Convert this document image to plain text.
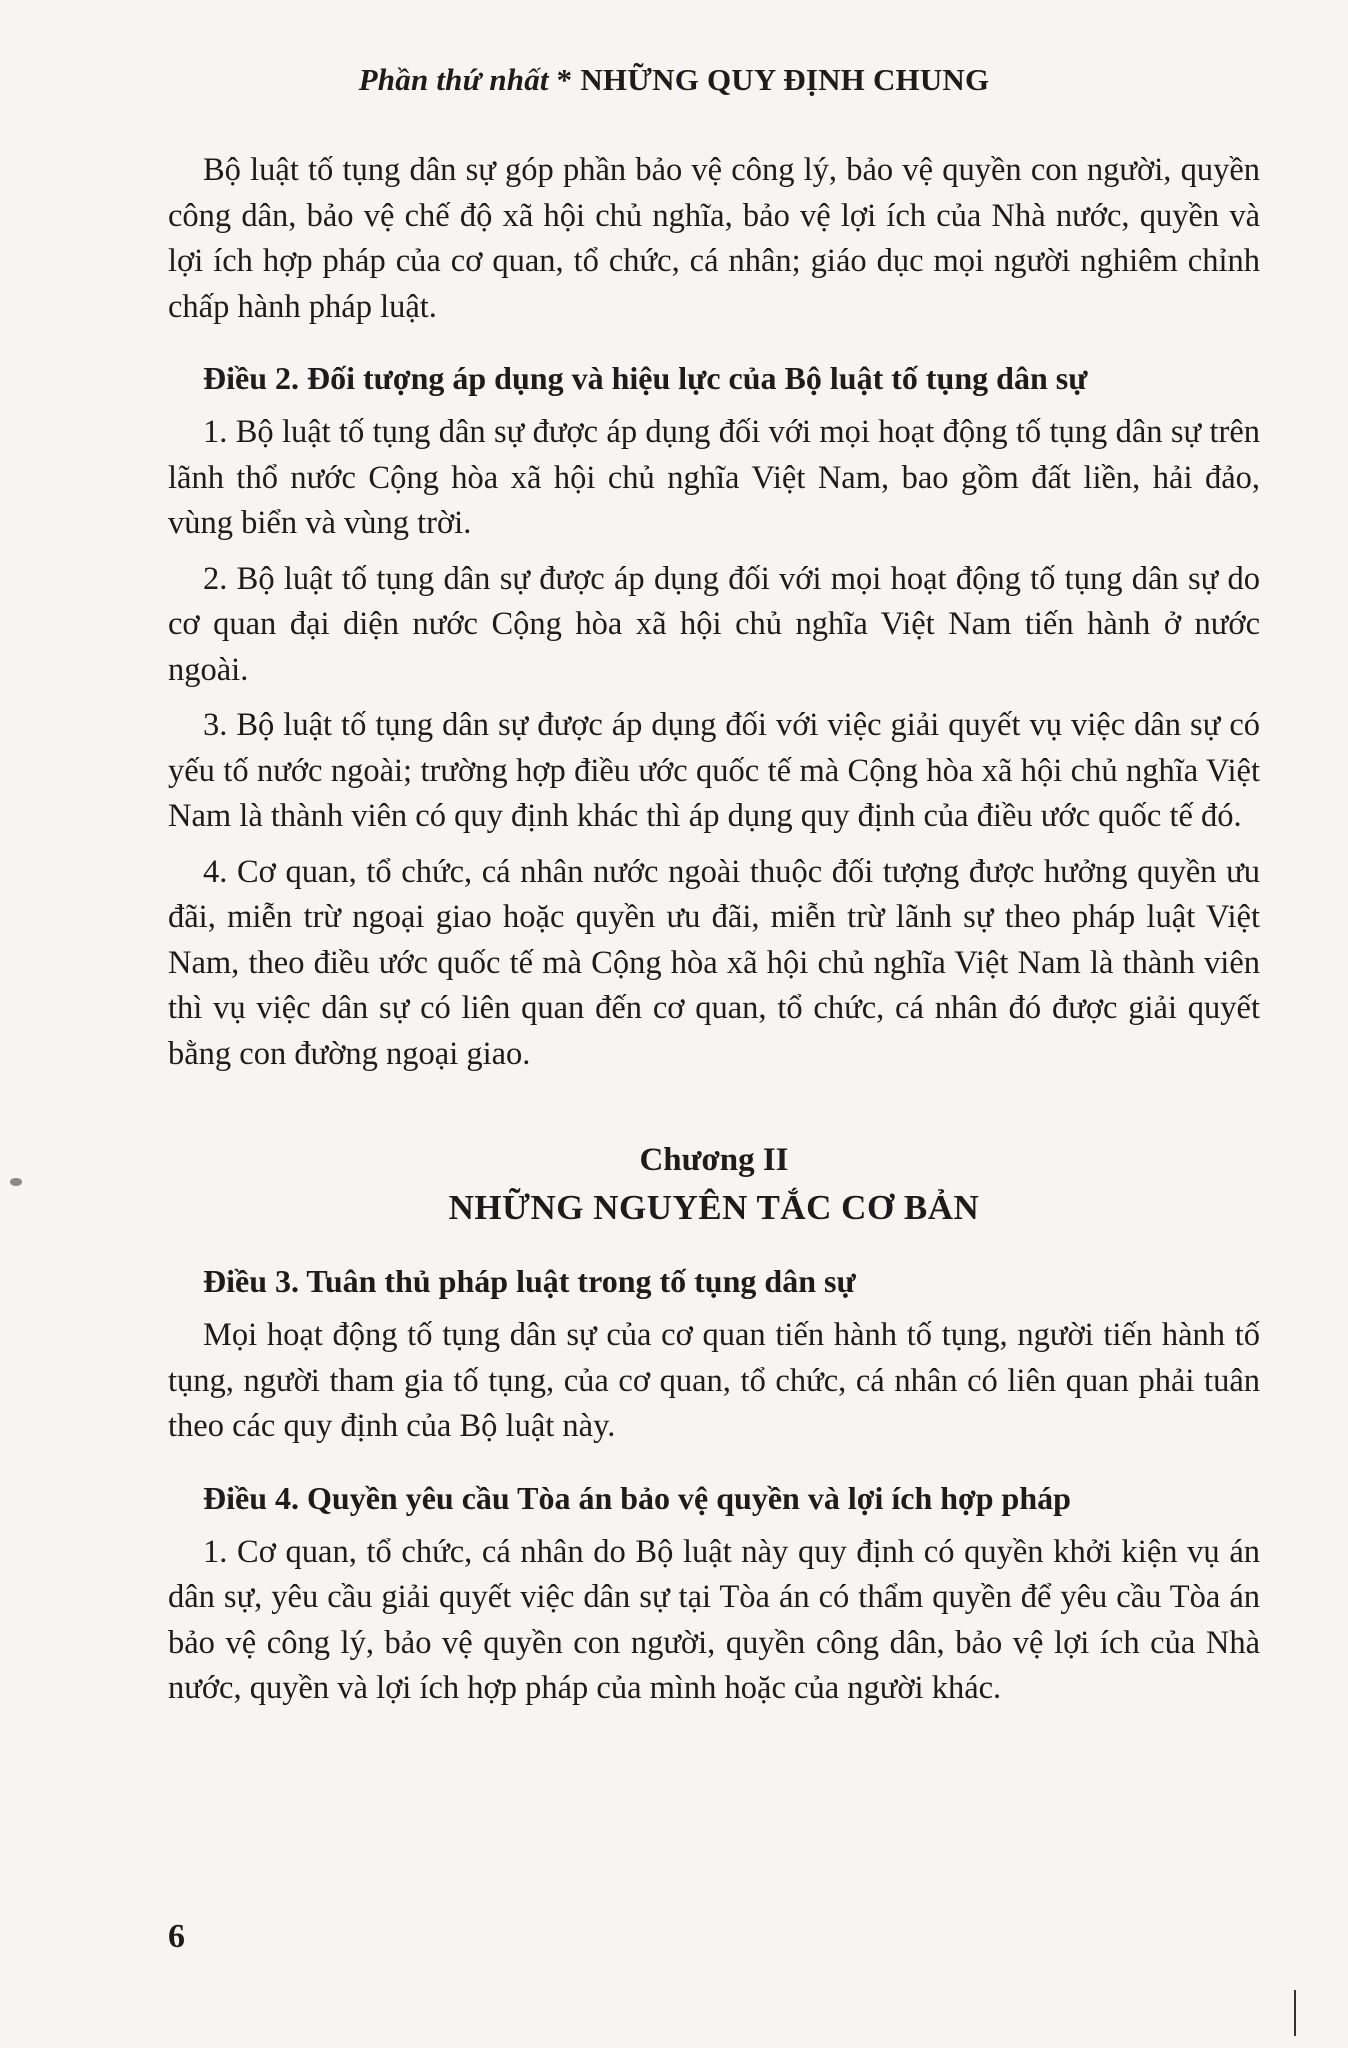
Phần thứ nhất * NHỮNG QUY ĐỊNH CHUNG

Bộ luật tố tụng dân sự góp phần bảo vệ công lý, bảo vệ quyền con người, quyền công dân, bảo vệ chế độ xã hội chủ nghĩa, bảo vệ lợi ích của Nhà nước, quyền và lợi ích hợp pháp của cơ quan, tổ chức, cá nhân; giáo dục mọi người nghiêm chỉnh chấp hành pháp luật.

Điều 2. Đối tượng áp dụng và hiệu lực của Bộ luật tố tụng dân sự

1. Bộ luật tố tụng dân sự được áp dụng đối với mọi hoạt động tố tụng dân sự trên lãnh thổ nước Cộng hòa xã hội chủ nghĩa Việt Nam, bao gồm đất liền, hải đảo, vùng biển và vùng trời.

2. Bộ luật tố tụng dân sự được áp dụng đối với mọi hoạt động tố tụng dân sự do cơ quan đại diện nước Cộng hòa xã hội chủ nghĩa Việt Nam tiến hành ở nước ngoài.

3. Bộ luật tố tụng dân sự được áp dụng đối với việc giải quyết vụ việc dân sự có yếu tố nước ngoài; trường hợp điều ước quốc tế mà Cộng hòa xã hội chủ nghĩa Việt Nam là thành viên có quy định khác thì áp dụng quy định của điều ước quốc tế đó.

4. Cơ quan, tổ chức, cá nhân nước ngoài thuộc đối tượng được hưởng quyền ưu đãi, miễn trừ ngoại giao hoặc quyền ưu đãi, miễn trừ lãnh sự theo pháp luật Việt Nam, theo điều ước quốc tế mà Cộng hòa xã hội chủ nghĩa Việt Nam là thành viên thì vụ việc dân sự có liên quan đến cơ quan, tổ chức, cá nhân đó được giải quyết bằng con đường ngoại giao.

Chương II
NHỮNG NGUYÊN TẮC CƠ BẢN
Điều 3. Tuân thủ pháp luật trong tố tụng dân sự

Mọi hoạt động tố tụng dân sự của cơ quan tiến hành tố tụng, người tiến hành tố tụng, người tham gia tố tụng, của cơ quan, tổ chức, cá nhân có liên quan phải tuân theo các quy định của Bộ luật này.

Điều 4. Quyền yêu cầu Tòa án bảo vệ quyền và lợi ích hợp pháp

1. Cơ quan, tổ chức, cá nhân do Bộ luật này quy định có quyền khởi kiện vụ án dân sự, yêu cầu giải quyết việc dân sự tại Tòa án có thẩm quyền để yêu cầu Tòa án bảo vệ công lý, bảo vệ quyền con người, quyền công dân, bảo vệ lợi ích của Nhà nước, quyền và lợi ích hợp pháp của mình hoặc của người khác.

6
